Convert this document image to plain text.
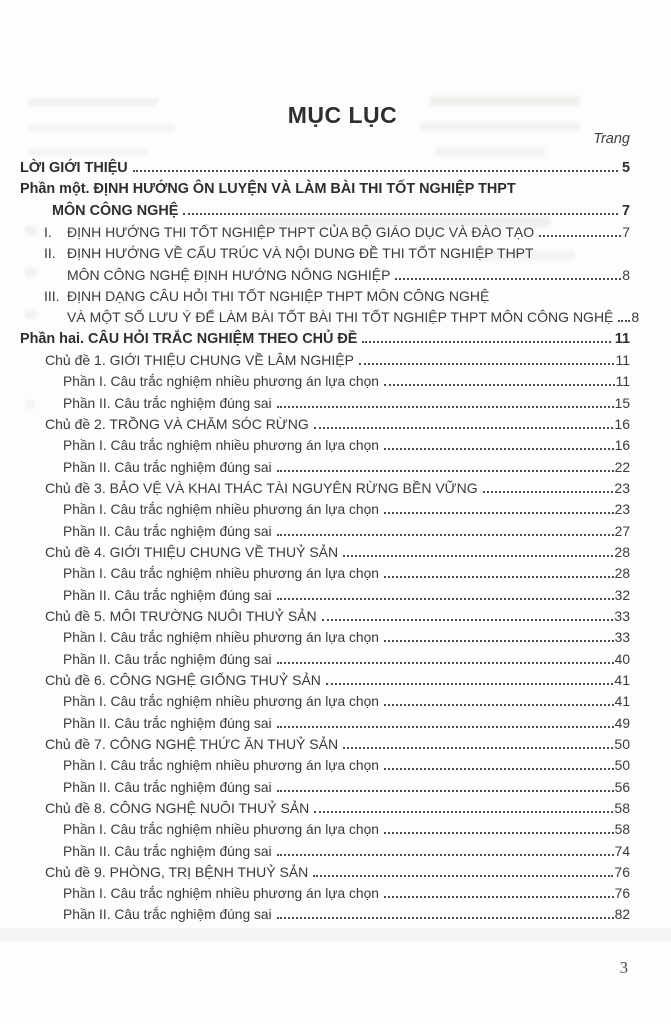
MỤC LỤC
Trang
LỜI GIỚI THIỆU	5
Phần một. ĐỊNH HƯỚNG ÔN LUYỆN VÀ LÀM BÀI THI TỐT NGHIỆP THPT
MÔN CÔNG NGHỆ	7
I.	ĐỊNH HƯỚNG THI TỐT NGHIỆP THPT CỦA BỘ GIÁO DỤC VÀ ĐÀO TẠO	7
II. ĐỊNH HƯỚNG VỀ CẤU TRÚC VÀ NỘI DUNG ĐỀ THI TỐT NGHIỆP THPT
MÔN CÔNG NGHỆ ĐỊNH HƯỚNG NÔNG NGHIỆP	8
III. ĐỊNH DẠNG CÂU HỎI THI TỐT NGHIỆP THPT MÔN CÔNG NGHỆ
VÀ MỘT SỐ LƯU Ý ĐỂ LÀM BÀI TỐT BÀI THI TỐT NGHIỆP THPT MÔN CÔNG NGHỆ 8
Phần hai. CÂU HỎI TRẮC NGHIỆM THEO CHỦ ĐỀ	11
Chủ đề 1. GIỚI THIỆU CHUNG VỀ LÂM NGHIỆP	11
Phần I. Câu trắc nghiệm nhiều phương án lựa chọn	11
Phần II. Câu trắc nghiệm đúng sai	15
Chủ đề 2. TRỒNG VÀ CHĂM SÓC RỪNG	16
Phần I. Câu trắc nghiệm nhiều phương án lựa chọn	16
Phần II. Câu trắc nghiệm đúng sai	22
Chủ đề 3. BẢO VỆ VÀ KHAI THÁC TÀI NGUYÊN RỪNG BỀN VỮNG	23
Phần I. Câu trắc nghiệm nhiều phương án lựa chọn	23
Phần II. Câu trắc nghiệm đúng sai	27
Chủ đề 4. GIỚI THIỆU CHUNG VỀ THUỶ SẢN	28
Phần I. Câu trắc nghiệm nhiều phương án lựa chọn	28
Phần II. Câu trắc nghiệm đúng sai	32
Chủ đề 5. MÔI TRƯỜNG NUÔI THUỶ SẢN	33
Phần I. Câu trắc nghiệm nhiều phương án lựa chọn	33
Phần II. Câu trắc nghiệm đúng sai	40
Chủ đề 6. CÔNG NGHỆ GIỐNG THUỶ SẢN	41
Phần I. Câu trắc nghiệm nhiều phương án lựa chọn	41
Phần II. Câu trắc nghiệm đúng sai	49
Chủ đề 7. CÔNG NGHỆ THỨC ĂN THUỶ SẢN	50
Phần I. Câu trắc nghiệm nhiều phương án lựa chọn	50
Phần II. Câu trắc nghiệm đúng sai	56
Chủ đề 8. CÔNG NGHỆ NUÔI THUỶ SẢN	58
Phần I. Câu trắc nghiệm nhiều phương án lựa chọn	58
Phần II. Câu trắc nghiệm đúng sai	74
Chủ đề 9. PHÒNG, TRỊ BỆNH THUỶ SẢN	76
Phần I. Câu trắc nghiệm nhiều phương án lựa chọn	76
Phần II. Câu trắc nghiệm đúng sai	82
3
